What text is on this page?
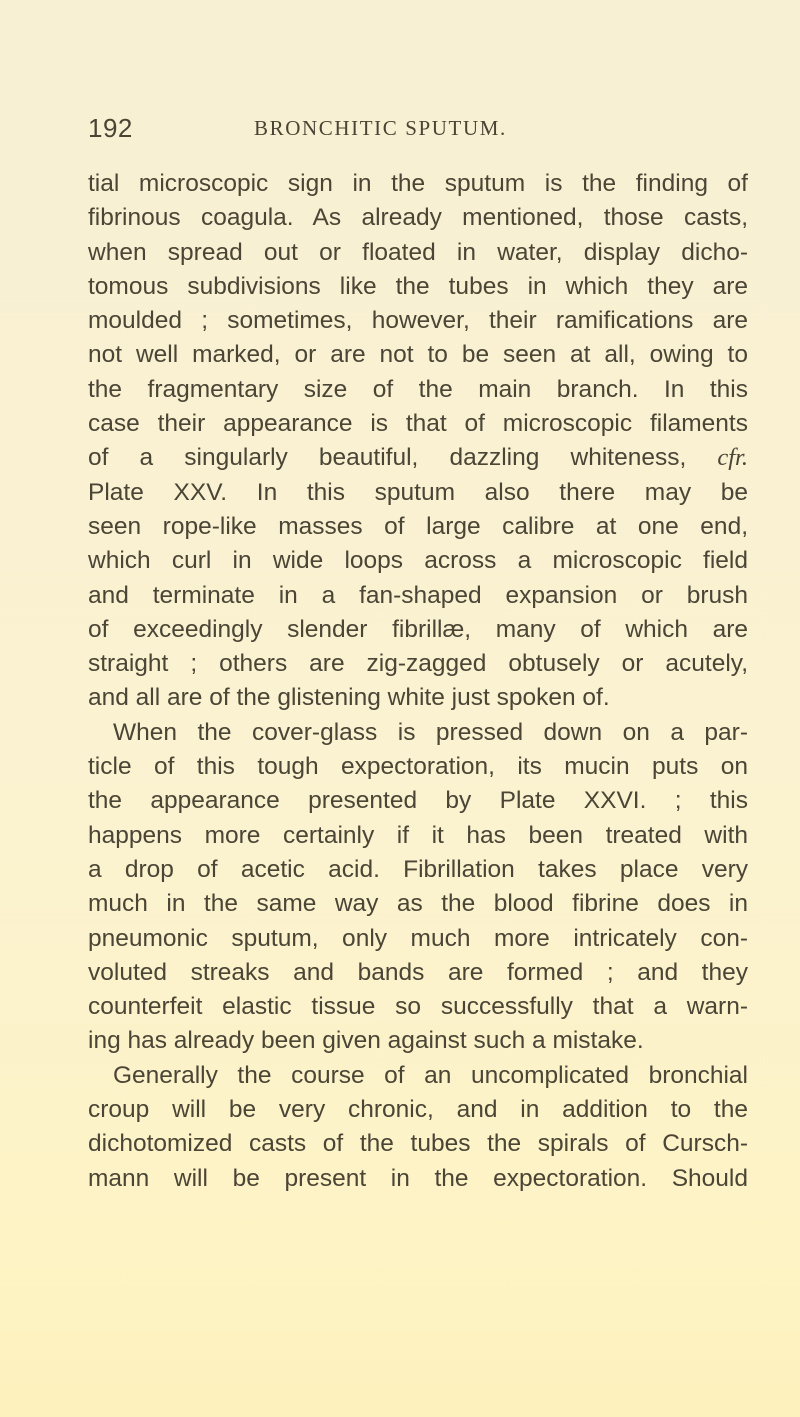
192	BRONCHITIC SPUTUM.
tial microscopic sign in the sputum is the finding of
fibrinous coagula. As already mentioned, those casts,
when spread out or floated in water, display dicho-
tomous subdivisions like the tubes in which they are
moulded ; sometimes, however, their ramifications are
not well marked, or are not to be seen at all, owing to
the fragmentary size of the main branch. In this
case their appearance is that of microscopic filaments
of a singularly beautiful, dazzling whiteness, cfr.
Plate XXV. In this sputum also there may be
seen rope-like masses of large calibre at one end,
which curl in wide loops across a microscopic field
and terminate in a fan-shaped expansion or brush
of exceedingly slender fibrillæ, many of which are
straight ; others are zig-zagged obtusely or acutely,
and all are of the glistening white just spoken of.
When the cover-glass is pressed down on a par-
ticle of this tough expectoration, its mucin puts on
the appearance presented by Plate XXVI. ; this
happens more certainly if it has been treated with
a drop of acetic acid. Fibrillation takes place very
much in the same way as the blood fibrine does in
pneumonic sputum, only much more intricately con-
voluted streaks and bands are formed ; and they
counterfeit elastic tissue so successfully that a warn-
ing has already been given against such a mistake.
Generally the course of an uncomplicated bronchial
croup will be very chronic, and in addition to the
dichotomized casts of the tubes the spirals of Cursch-
mann will be present in the expectoration. Should
